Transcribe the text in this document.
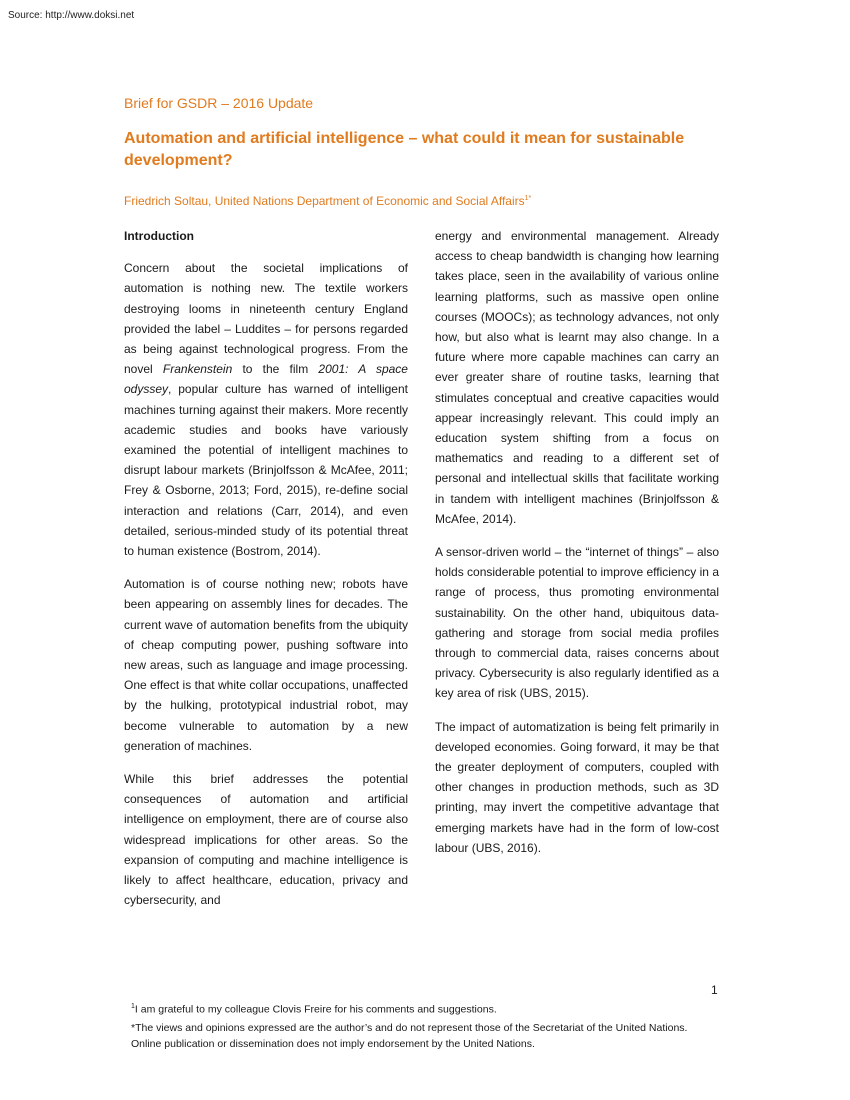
Source: http://www.doksi.net
Brief for GSDR – 2016 Update
Automation and artificial intelligence – what could it mean for sustainable development?
Friedrich Soltau, United Nations Department of Economic and Social Affairs$^{1*}$
Introduction

Concern about the societal implications of automation is nothing new. The textile workers destroying looms in nineteenth century England provided the label – Luddites – for persons regarded as being against technological progress. From the novel Frankenstein to the film 2001: A space odyssey, popular culture has warned of intelligent machines turning against their makers. More recently academic studies and books have variously examined the potential of intelligent machines to disrupt labour markets (Brinjolfsson & McAfee, 2011; Frey & Osborne, 2013; Ford, 2015), re-define social interaction and relations (Carr, 2014), and even detailed, serious-minded study of its potential threat to human existence (Bostrom, 2014).

Automation is of course nothing new; robots have been appearing on assembly lines for decades. The current wave of automation benefits from the ubiquity of cheap computing power, pushing software into new areas, such as language and image processing. One effect is that white collar occupations, unaffected by the hulking, prototypical industrial robot, may become vulnerable to automation by a new generation of machines.

While this brief addresses the potential consequences of automation and artificial intelligence on employment, there are of course also widespread implications for other areas. So the expansion of computing and machine intelligence is likely to affect healthcare, education, privacy and cybersecurity, and

energy and environmental management. Already access to cheap bandwidth is changing how learning takes place, seen in the availability of various online learning platforms, such as massive open online courses (MOOCs); as technology advances, not only how, but also what is learnt may also change. In a future where more capable machines can carry an ever greater share of routine tasks, learning that stimulates conceptual and creative capacities would appear increasingly relevant. This could imply an education system shifting from a focus on mathematics and reading to a different set of personal and intellectual skills that facilitate working in tandem with intelligent machines (Brinjolfsson & McAfee, 2014).

A sensor-driven world – the “internet of things” – also holds considerable potential to improve efficiency in a range of process, thus promoting environmental sustainability. On the other hand, ubiquitous data-gathering and storage from social media profiles through to commercial data, raises concerns about privacy. Cybersecurity is also regularly identified as a key area of risk (UBS, 2015).

The impact of automatization is being felt primarily in developed economies. Going forward, it may be that the greater deployment of computers, coupled with other changes in production methods, such as 3D printing, may invert the competitive advantage that emerging markets have had in the form of low-cost labour (UBS, 2016).

1
$^1$I am grateful to my colleague Clovis Freire for his comments and suggestions.
*The views and opinions expressed are the author’s and do not represent those of the Secretariat of the United Nations. Online publication or dissemination does not imply endorsement by the United Nations.
